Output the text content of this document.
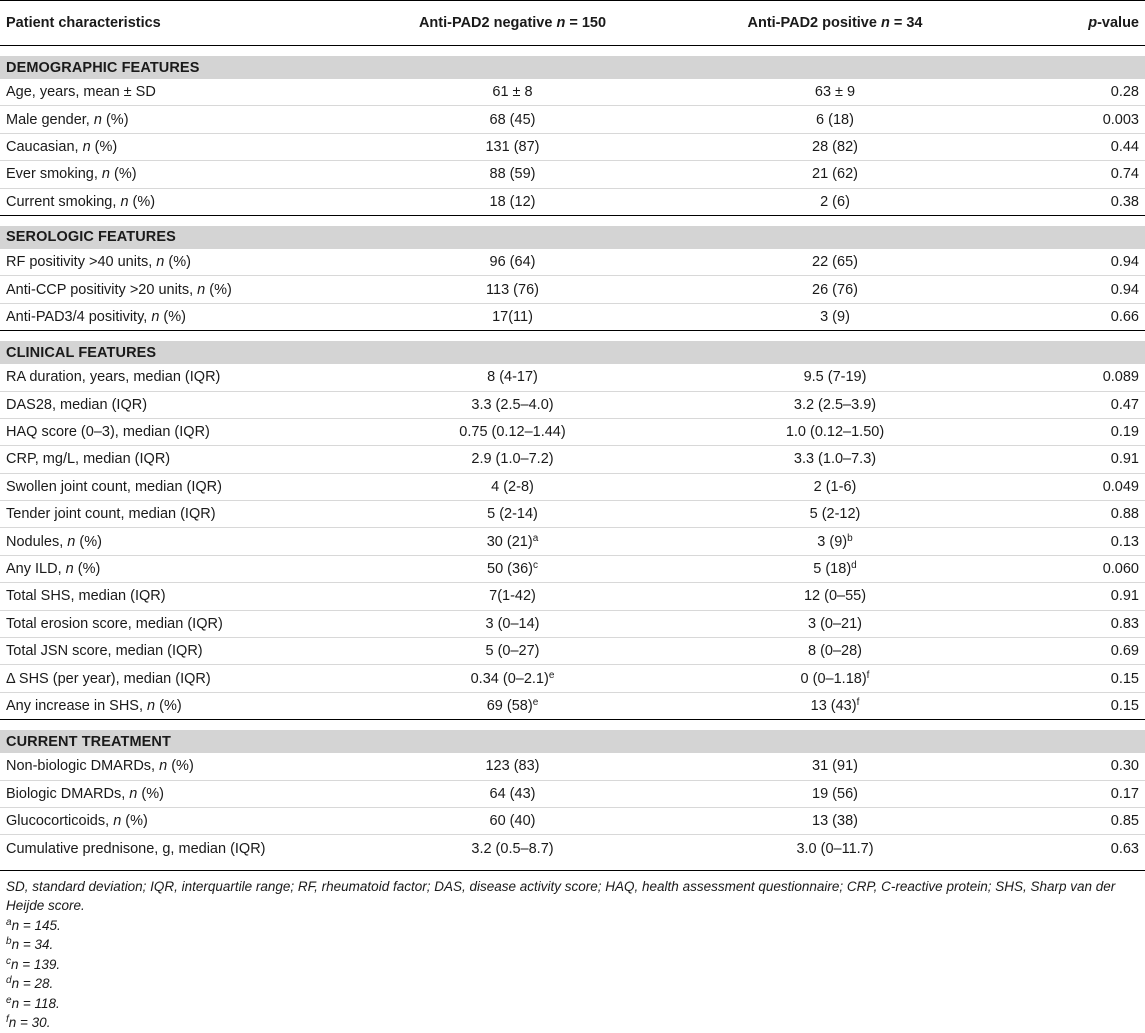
Patient characteristics	Anti-PAD2 negative n = 150	Anti-PAD2 positive n = 34	p-value

DEMOGRAPHIC FEATURES			
Age, years, mean ± SD	61 ± 8	63 ± 9	0.28
Male gender, n (%)	68 (45)	6 (18)	0.003
Caucasian, n (%)	131 (87)	28 (82)	0.44
Ever smoking, n (%)	88 (59)	21 (62)	0.74
Current smoking, n (%)	18 (12)	2 (6)	0.38

SEROLOGIC FEATURES			
RF positivity >40 units, n (%)	96 (64)	22 (65)	0.94
Anti-CCP positivity >20 units, n (%)	113 (76)	26 (76)	0.94
Anti-PAD3/4 positivity, n (%)	17(11)	3 (9)	0.66

CLINICAL FEATURES			
RA duration, years, median (IQR)	8 (4-17)	9.5 (7-19)	0.089
DAS28, median (IQR)	3.3 (2.5–4.0)	3.2 (2.5–3.9)	0.47
HAQ score (0–3), median (IQR)	0.75 (0.12–1.44)	1.0 (0.12–1.50)	0.19
CRP, mg/L, median (IQR)	2.9 (1.0–7.2)	3.3 (1.0–7.3)	0.91
Swollen joint count, median (IQR)	4 (2-8)	2 (1-6)	0.049
Tender joint count, median (IQR)	5 (2-14)	5 (2-12)	0.88
Nodules, n (%)	30 $(21)^a$	3 $(9)^b$	0.13
Any ILD, n (%)	50 $(36)^c$	5 $(18)^d$	0.060
Total SHS, median (IQR)	7(1-42)	12 (0–55)	0.91
Total erosion score, median (IQR)	3 (0–14)	3 (0–21)	0.83
Total JSN score, median (IQR)	5 (0–27)	8 (0–28)	0.69
Δ SHS (per year), median (IQR)	0.34 $(0-2.1)^e$	0 $(0-1.18)^f$	0.15
Any increase in SHS, n (%)	69 $(58)^e$	13 $(43)^f$	0.15

CURRENT TREATMENT			
Non-biologic DMARDs, n (%)	123 (83)	31 (91)	0.30
Biologic DMARDs, n (%)	64 (43)	19 (56)	0.17
Glucocorticoids, n (%)	60 (40)	13 (38)	0.85
Cumulative prednisone, g, median (IQR)	3.2 (0.5–8.7)	3.0 (0–11.7)	0.63
SD, standard deviation; IQR, interquartile range; RF, rheumatoid factor; DAS, disease activity score; HAQ, health assessment questionnaire; CRP, C-reactive protein; SHS, Sharp van der Heijde score.
$^a$n = 145.
$^b$n = 34.
$^c$n = 139.
$^d$n = 28.
$^e$n = 118.
$^f$n = 30.
